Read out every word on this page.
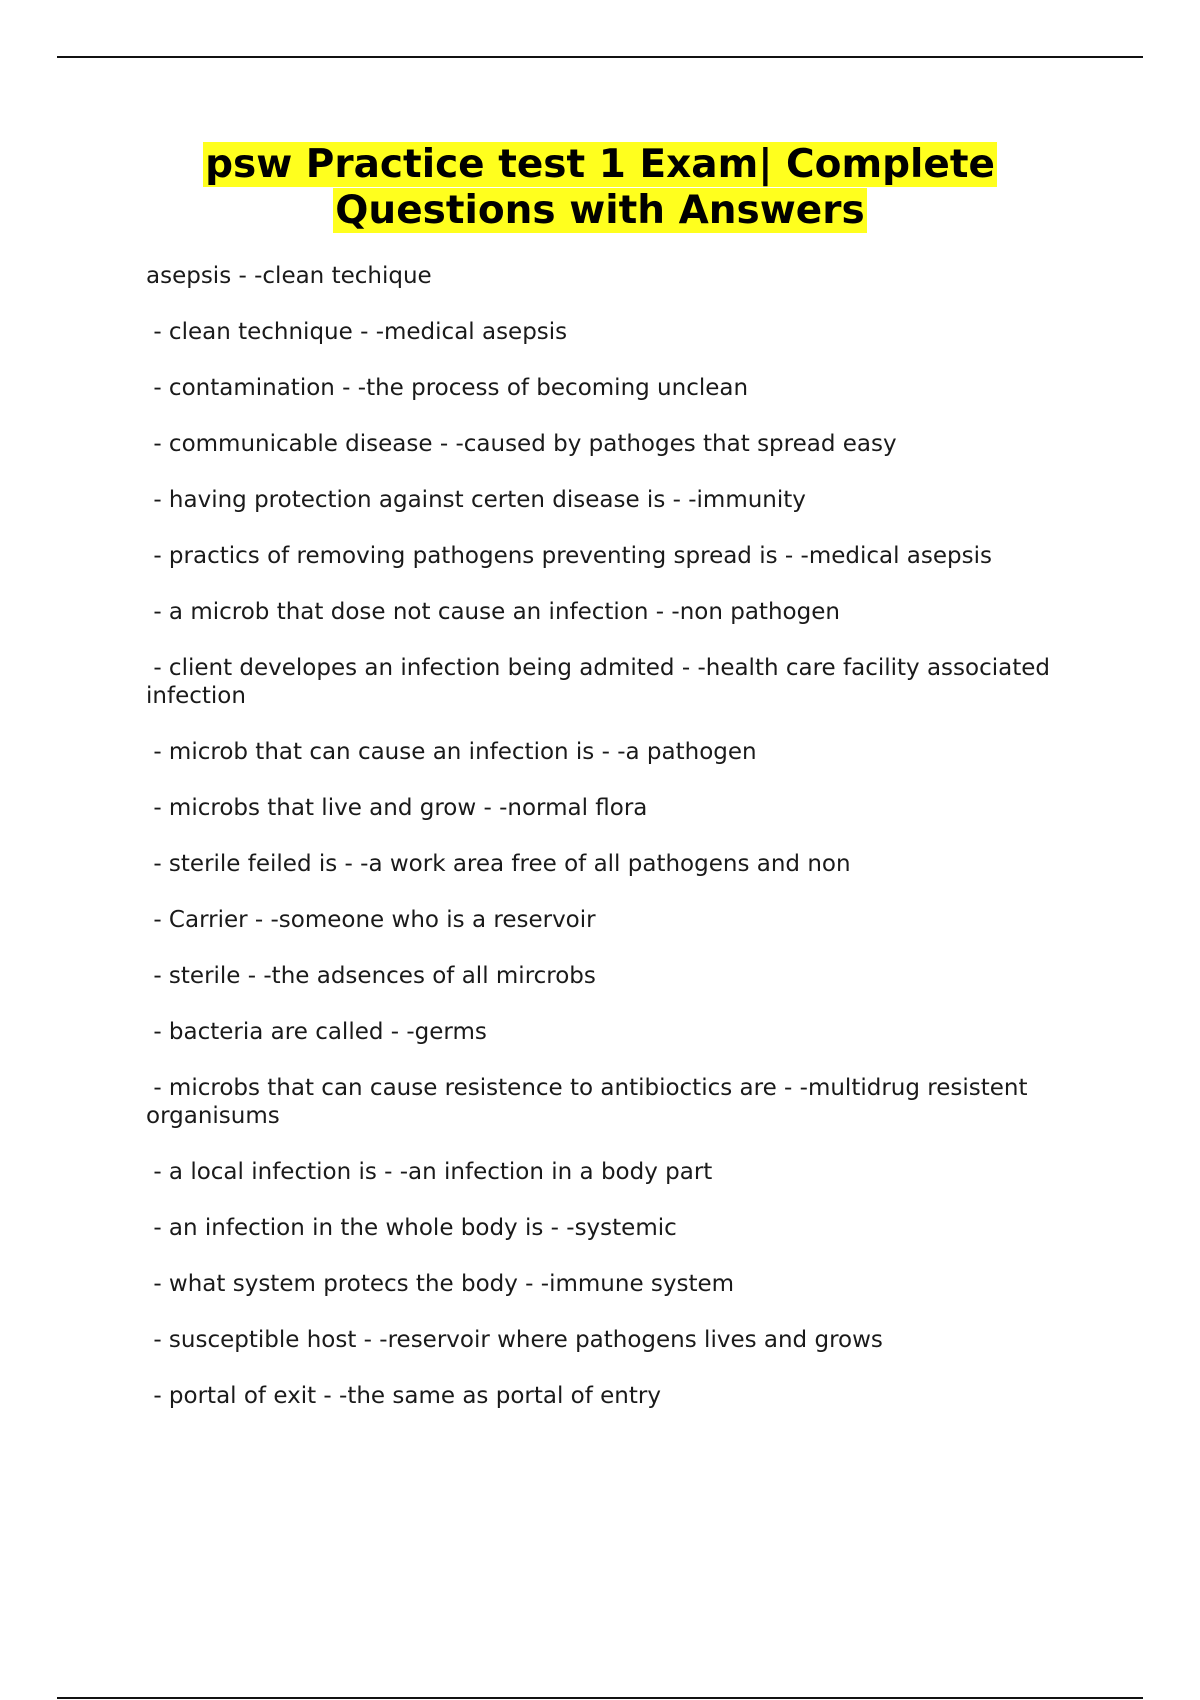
psw Practice test 1 Exam| Complete
Questions with Answers
asepsis - -clean techique
- clean technique - -medical asepsis
- contamination - -the process of becoming unclean
- communicable disease - -caused by pathoges that spread easy
- having protection against certen disease is - -immunity
- practics of removing pathogens preventing spread is - -medical asepsis
- a microb that dose not cause an infection - -non pathogen
- client developes an infection being admited - -health care facility associated infection
- microb that can cause an infection is - -a pathogen
- microbs that live and grow - -normal flora
- sterile feiled is - -a work area free of all pathogens and non
- Carrier - -someone who is a reservoir
- sterile - -the adsences of all mircrobs
- bacteria are called - -germs
- microbs that can cause resistence to antibioctics are - -multidrug resistent organisums
- a local infection is - -an infection in a body part
- an infection in the whole body is - -systemic
- what system protecs the body - -immune system
- susceptible host - -reservoir where pathogens lives and grows
- portal of exit - -the same as portal of entry
